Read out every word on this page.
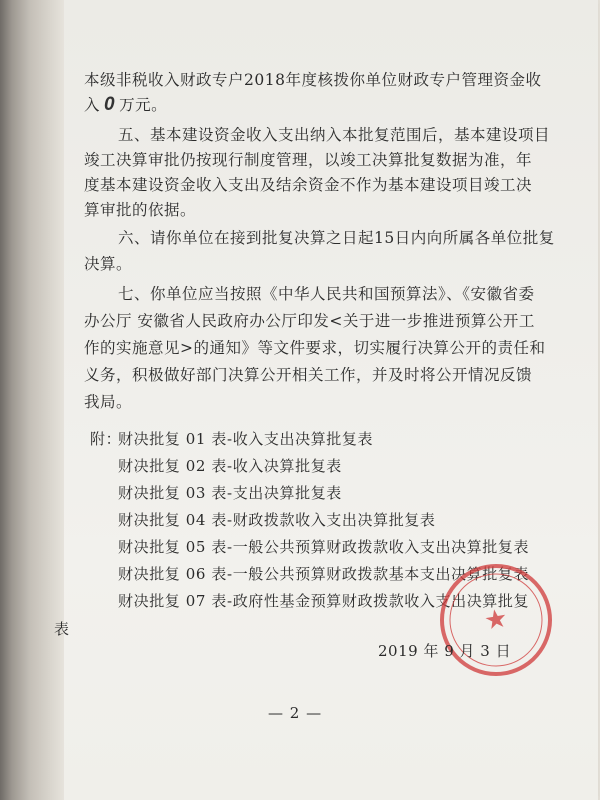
本级非税收入财政专户2018年度核拨你单位财政专户管理资金收
入 0 万元。
五、基本建设资金收入支出纳入本批复范围后，基本建设项目
竣工决算审批仍按现行制度管理，以竣工决算批复数据为准，年
度基本建设资金收入支出及结余资金不作为基本建设项目竣工决
算审批的依据。
六、请你单位在接到批复决算之日起15日内向所属各单位批复
决算。
七、你单位应当按照《中华人民共和国预算法》、《安徽省委
办公厅 安徽省人民政府办公厅印发<关于进一步推进预算公开工
作的实施意见>的通知》等文件要求，切实履行决算公开的责任和
义务，积极做好部门决算公开相关工作，并及时将公开情况反馈
我局。
附：
财决批复 01 表-收入支出决算批复表
财决批复 02 表-收入决算批复表
财决批复 03 表-支出决算批复表
财决批复 04 表-财政拨款收入支出决算批复表
财决批复 05 表-一般公共预算财政拨款收入支出决算批复表
财决批复 06 表-一般公共预算财政拨款基本支出决算批复表
财决批复 07 表-政府性基金预算财政拨款收入支出决算批复
表	★
2019 年 9 月 3 日
— 2 —
